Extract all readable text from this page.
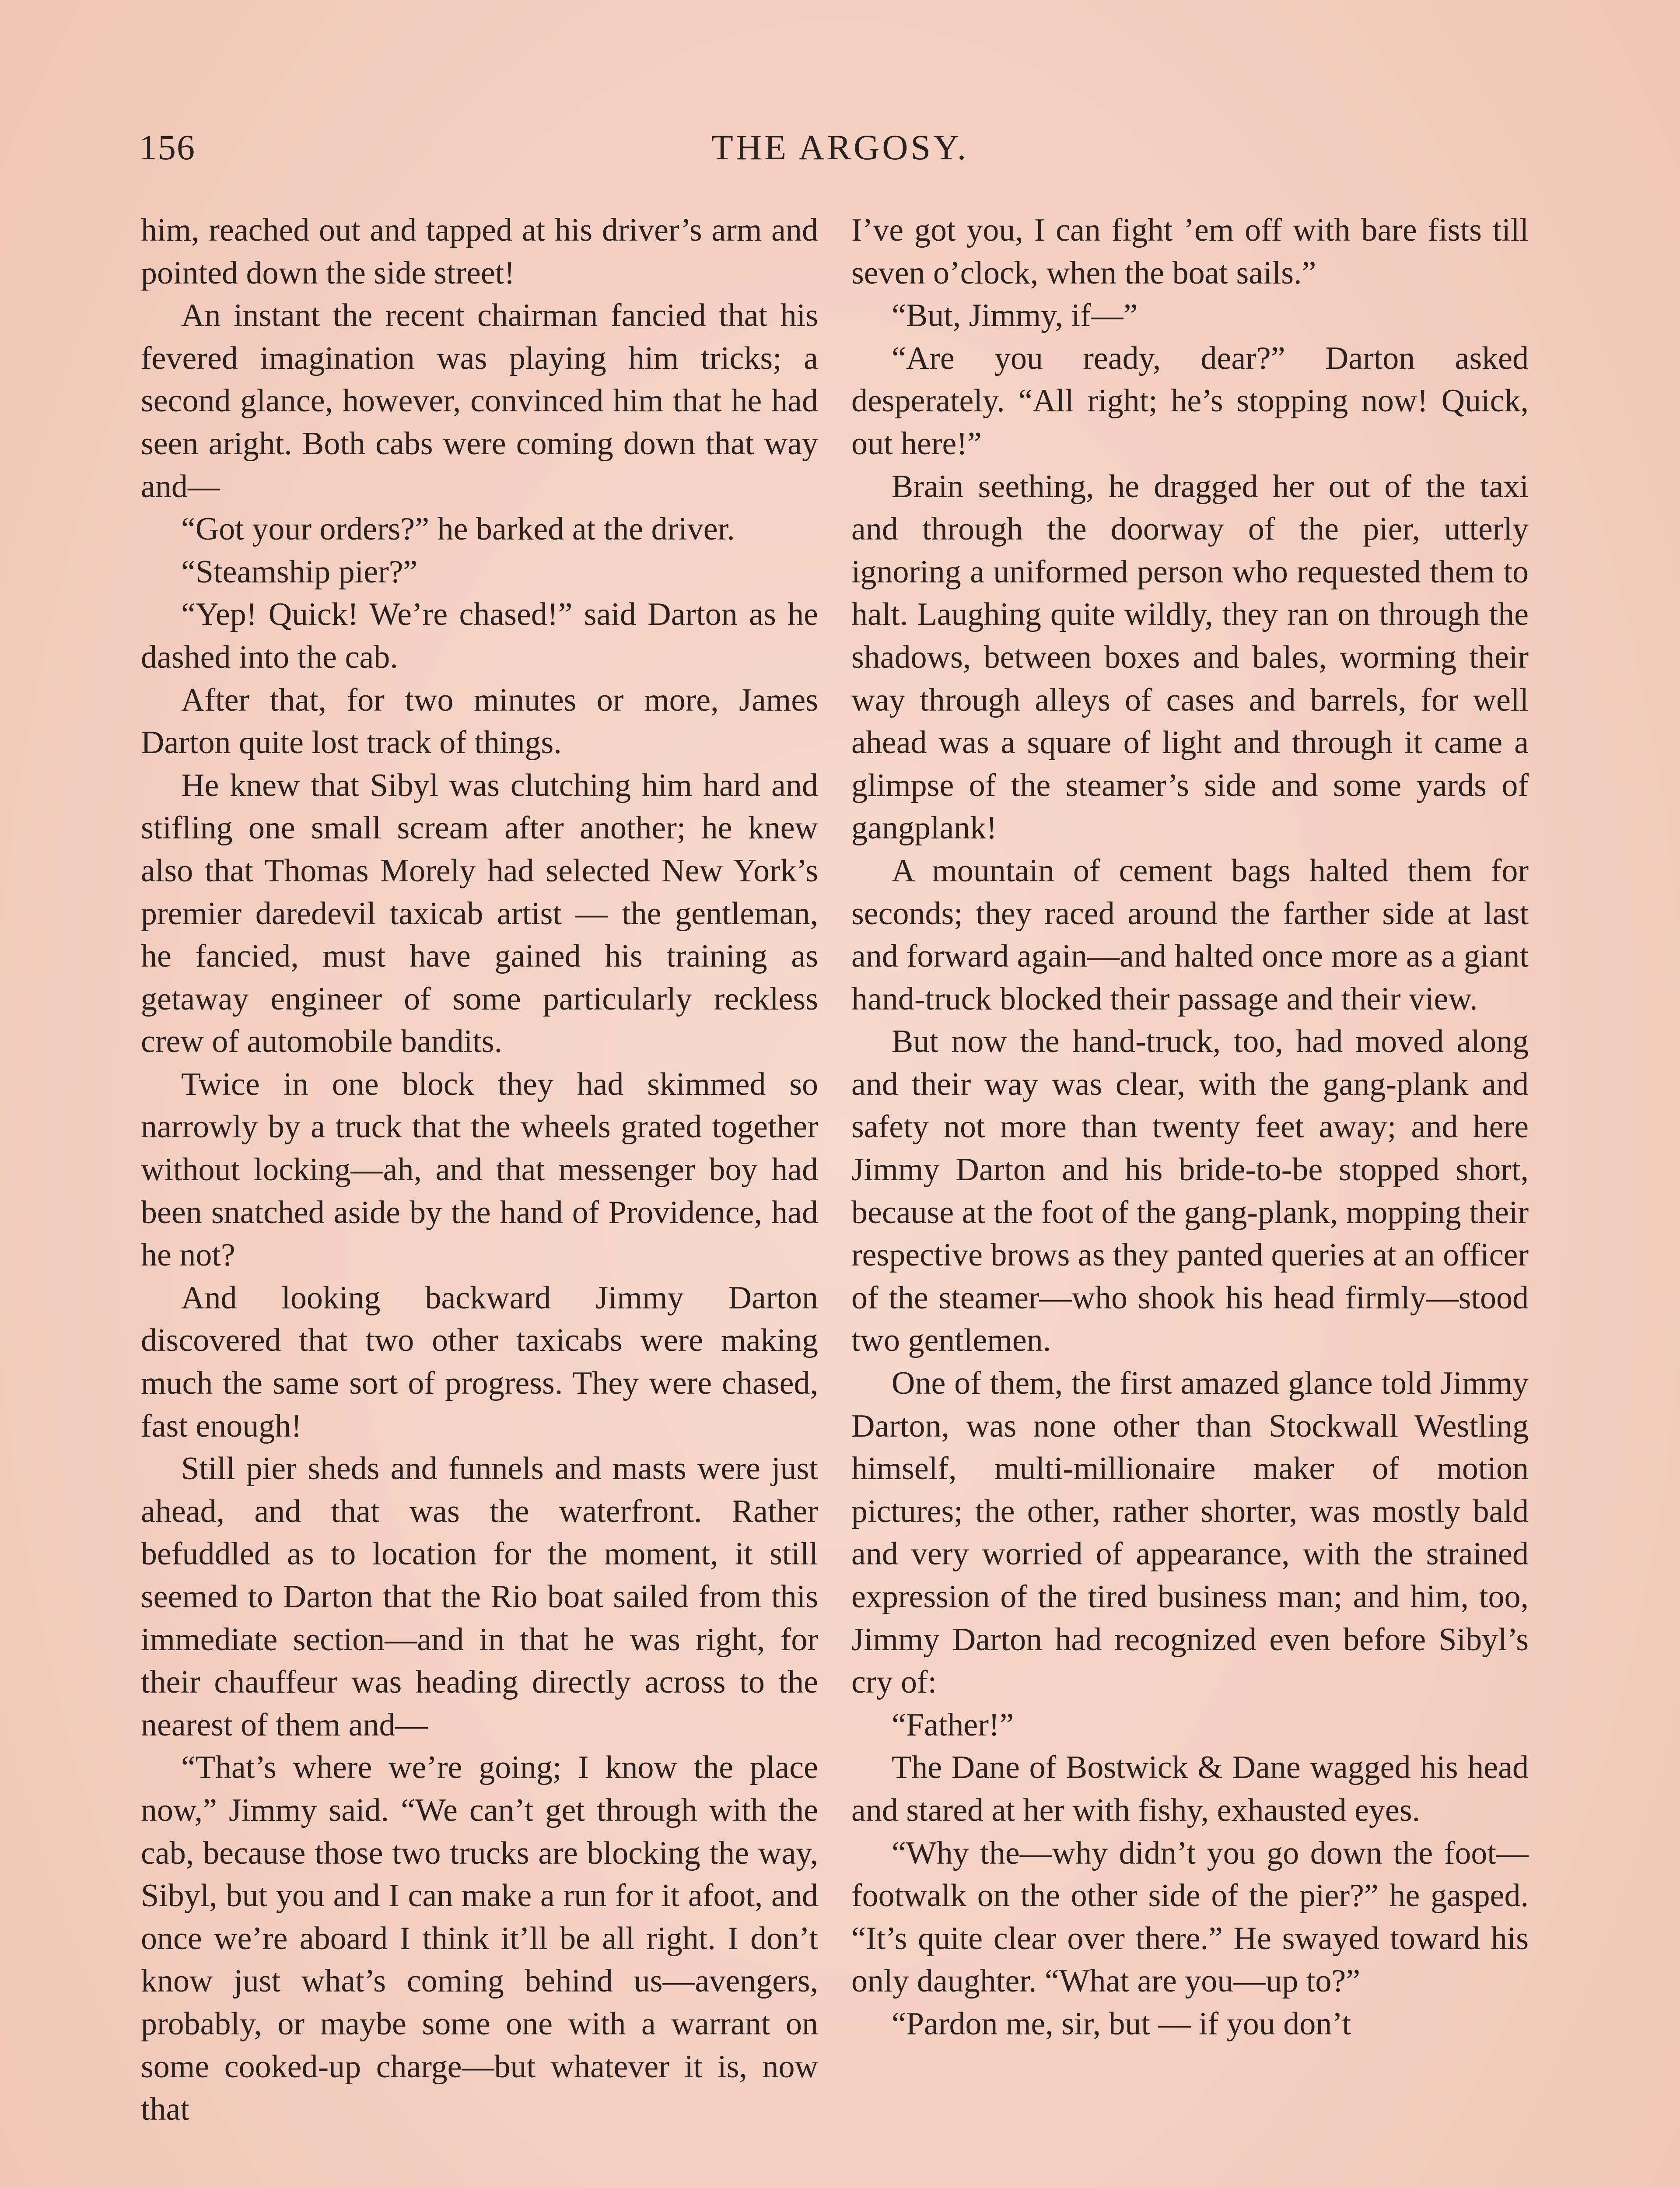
156	THE ARGOSY.

him, reached out and tapped at his driver’s arm and pointed down the side street!

An instant the recent chairman fancied that his fevered imagination was playing him tricks; a second glance, however, convinced him that he had seen aright. Both cabs were coming down that way and—

“Got your orders?” he barked at the driver.

“Steamship pier?”

“Yep! Quick! We’re chased!” said Darton as he dashed into the cab.

After that, for two minutes or more, James Darton quite lost track of things.

He knew that Sibyl was clutching him hard and stifling one small scream after another; he knew also that Thomas Morely had selected New York’s premier daredevil taxicab artist — the gentleman, he fancied, must have gained his training as getaway engineer of some particularly reckless crew of automobile bandits.

Twice in one block they had skimmed so narrowly by a truck that the wheels grated together without locking—ah, and that messenger boy had been snatched aside by the hand of Providence, had he not?

And looking backward Jimmy Darton discovered that two other taxicabs were making much the same sort of progress. They were chased, fast enough!

Still pier sheds and funnels and masts were just ahead, and that was the waterfront. Rather befuddled as to location for the moment, it still seemed to Darton that the Rio boat sailed from this immediate section—and in that he was right, for their chauffeur was heading directly across to the nearest of them and—

“That’s where we’re going; I know the place now,” Jimmy said. “We can’t get through with the cab, because those two trucks are blocking the way, Sibyl, but you and I can make a run for it afoot, and once we’re aboard I think it’ll be all right. I don’t know just what’s coming behind us—avengers, probably, or maybe some one with a warrant on some cooked-up charge—but whatever it is, now that

I’ve got you, I can fight ’em off with bare fists till seven o’clock, when the boat sails.”

“But, Jimmy, if—”

“Are you ready, dear?” Darton asked desperately. “All right; he’s stopping now! Quick, out here!”

Brain seething, he dragged her out of the taxi and through the doorway of the pier, utterly ignoring a uniformed person who requested them to halt. Laughing quite wildly, they ran on through the shadows, between boxes and bales, worming their way through alleys of cases and barrels, for well ahead was a square of light and through it came a glimpse of the steamer’s side and some yards of gangplank!

A mountain of cement bags halted them for seconds; they raced around the farther side at last and forward again—and halted once more as a giant hand-truck blocked their passage and their view.

But now the hand-truck, too, had moved along and their way was clear, with the gang-plank and safety not more than twenty feet away; and here Jimmy Darton and his bride-to-be stopped short, because at the foot of the gang-plank, mopping their respective brows as they panted queries at an officer of the steamer—who shook his head firmly—stood two gentlemen.

One of them, the first amazed glance told Jimmy Darton, was none other than Stockwall Westling himself, multi-millionaire maker of motion pictures; the other, rather shorter, was mostly bald and very worried of appearance, with the strained expression of the tired business man; and him, too, Jimmy Darton had recognized even before Sibyl’s cry of:

“Father!”

The Dane of Bostwick & Dane wagged his head and stared at her with fishy, exhausted eyes.

“Why the—why didn’t you go down the foot—footwalk on the other side of the pier?” he gasped. “It’s quite clear over there.” He swayed toward his only daughter. “What are you—up to?”

“Pardon me, sir, but — if you don’t
